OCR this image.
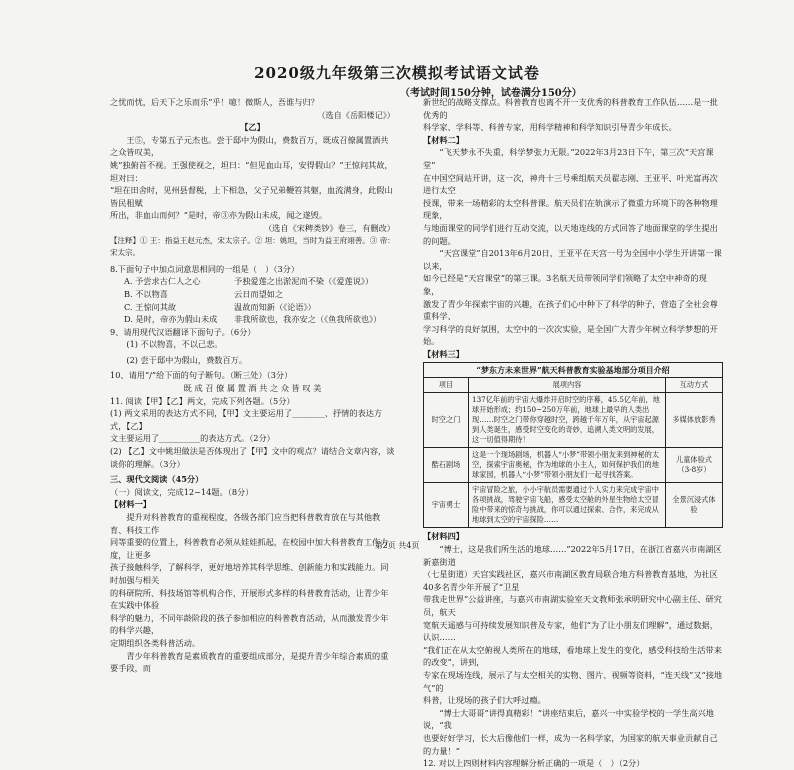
2020级九年级第三次模拟考试语文试卷
（考试时间150分钟，试卷满分150分）

之忧而忧，后天下之乐而乐”乎！噫！微斯人，吾谁与归？

（选自《岳阳楼记》）

【乙】

王⑤，专第五子元杰也。尝于邸中为假山，费数百万，既成召僚属置酒共之众皆叹美，

姚”独俯首不视。王强使视之，坦曰：“但见血山耳，安得假山？”王惊问其故，坦对曰：

“坦在田舍时，见州县督税，上下相急，父子兄弟鞭笞其躯，血流满身，此假山皆民租赋

所出，非血山而何？”是时，帝③亦为假山未成，闻之遂毁。

（选自《宋稗类钞》卷三，有删改）

【注释】① 王：指益王赵元杰，宋太宗子。② 坦：姚坦，当时为益王府翊善。③ 帝：宋太宗。

8.下面句子中加点词意思相同的一组是（　）（3分）

A. 予尝求古仁人之心	予独爱莲之出淤泥而不染（《爱莲说》）
B. 不以物喜	云日而望如之
C. 王惊问其故	温故而知新（《论语》）
D. 是时，帝亦为假山未成	非我所欲也，我亦安之（《鱼我所欲也》）

9、请用现代汉语翻译下面句子。（6分）

(1) 不以物喜，不以己悲。

(2) 尝于邸中为假山，费数百万。

10、请用“/”给下面的句子断句。（断三处）（3分）

既 成 召 僚 属 置 酒 共 之 众 皆 叹 美

11. 阅读【甲】【乙】两文，完成下列各题。（5分）

(1) 两文采用的表达方式不同，【甲】文主要运用了________、抒情的表达方式，【乙】

文主要运用了__________的表达方式。（2分）

(2) 【乙】文中姚坦做法是否体现出了【甲】文中的观点？请结合文章内容，谈谈你的理解。（3分）

三、现代文阅读（45分）

（一）阅读文，完成12~14题。（8分）

【材料一】

提升对科普教育的重视程度，各级各部门应当把科普教育放在与其他教育、科技工作

同等重要的位置上，科普教育必须从娃娃抓起，在校园中加大科普教育工作力度，让更多

孩子接触科学，了解科学，更好地培养其科学思维、创新能力和实践能力。同时加强与相关

的科研院所、科技场馆等机构合作，开展形式多样的科普教育活动，让青少年在实践中体验

科学的魅力，不同年龄阶段的孩子参加相应的科普教育活动，从而激发青少年的科学兴趣，

定期组织各类科普活动。

青少年科普教育是素质教育的重要组成部分，是提升青少年综合素质的重要手段，而

新世纪的战略支撑点。科普教育也离不开一支优秀的科普教育工作队伍……是一批优秀的

科学家、学科等、科普专家，用科学精神和科学知识引导青少年成长。

【材料二】

“飞天梦永不失重，科学梦张力无限。”2022年3月23日下午，第三次“天宫课堂”

在中国空间站开讲，这一次，神舟十三号乘组航天员翟志刚、王亚平、叶光富再次进行太空

授课，带来一场精彩的太空科普课。航天员们在轨演示了微重力环境下的各种物理现象，

与地面课堂的同学们进行互动交流，以天地连线的方式回答了地面课堂的学生提出的问题。

“天宫课堂”自2013年6月20日，王亚平在天宫一号为全国中小学生开讲第一课以来，

如今已经是“天宫课堂”的第三课。3名航天员带领同学们领略了太空中神奇的现象，

激发了青少年探索宇宙的兴趣，在孩子们心中种下了科学的种子，营造了全社会尊重科学、

学习科学的良好氛围，太空中的一次次实验，是全国广大青少年树立科学梦想的开始。

【材料三】

“梦东方未来世界”航天科普教育实验基地部分项目介绍		
项目	展项内容	互动方式
时空之门	137亿年前的宇宙大爆炸开启时空的序幕，45.5亿年前，地球开始形成；约150~250万年前，地球上最早的人类出现……时空之门带你穿越时空，跨越千年万年，从宇宙起源到人类诞生，感受时空变化的奇妙，追溯人类文明的发展，这一切值得期待！	多媒体放影秀
酷石剧场	这是一个现场剧场，机器人“小梦”带领小朋友来到神秘的太空，探索宇宙奥秘，作为地球的小主人，如何保护我们的地球家园，机器人“小梦”带领小朋友们一起寻找答案。	儿童体验式（3-8岁）
宇宙勇士	宇宙冒险之旅，小小宇航员需要通过个人实力来完成宇宙中各项挑战，驾驶宇宙飞船，感受太空舱的外星生物给太空冒险中带来的惊奇与挑战，你可以通过探索、合作，来完成从地球到太空的宇宙探险……	全景沉浸式体验

【材料四】

“博士，这是我们所生活的地球……”2022年5月17日，在浙江省嘉兴市南湖区新嘉街道

（七星街道）天宫实践社区，嘉兴市南湖区教育局联合地方科普教育基地，为社区40多名青少年开展了“卫星

带我走世界”公益讲座，与嘉兴市南湖实验室天文教师张承明研究中心副主任、研究员，航天

宽航天遥感与可持续发展知识普及专家，他们“为了让小朋友们理解”，通过数据，认识……

“我们正在从太空俯视人类所在的地球，看地球上发生的变化，感受科技给生活带来的改变”，讲到，

专家在现场连线，展示了与太空相关的实物、图片、视频等资料，“连天线”又“接地气”的

科普，让现场的孩子们大呼过瘾。

“博士大哥哥”讲得真精彩！”讲座结束后，嘉兴一中实验学校的一学生高兴地说，“我

也要好好学习，长大后像他们一样，成为一名科学家，为国家的航天事业贡献自己的力量！”

12. 对以上四则材料内容理解分析正确的一项是（　）（2分）

第2页 共4页
